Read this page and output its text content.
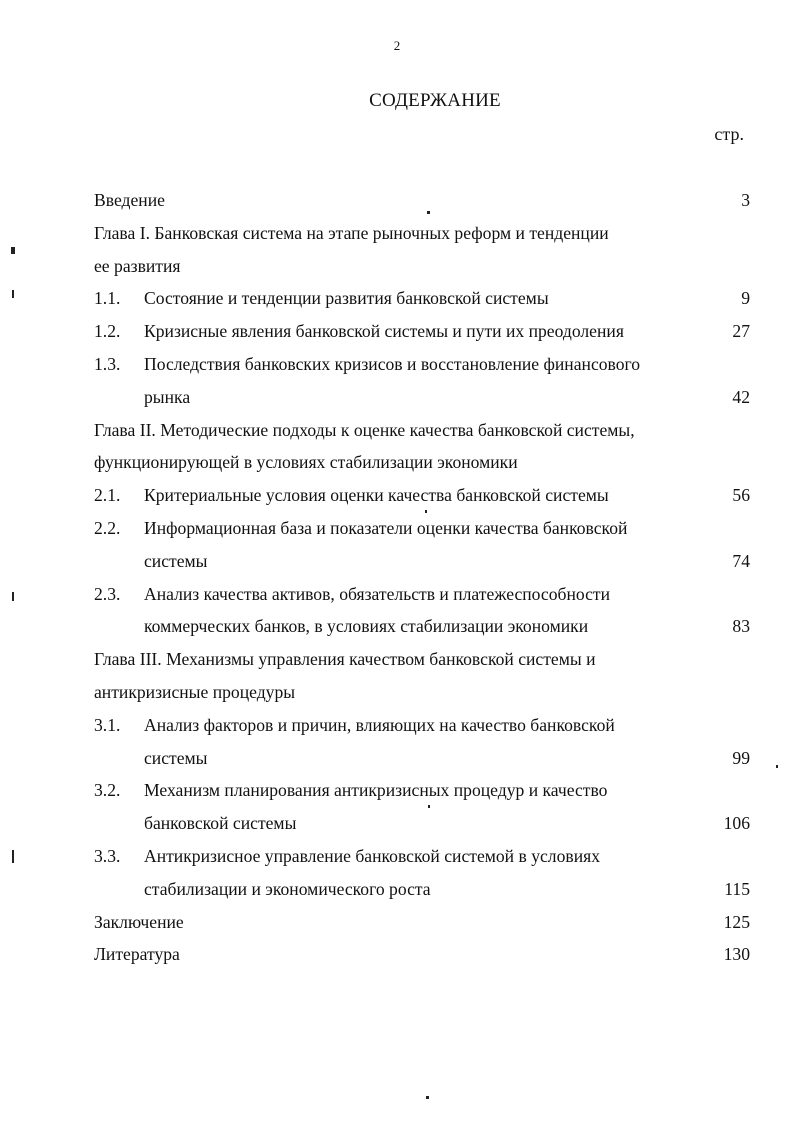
2
СОДЕРЖАНИЕ
стр.
Введение	3
Глава I. Банковская система на этапе рыночных реформ и тенденции
ее развития
1.1. Состояние и тенденции развития банковской системы	9
1.2. Кризисные явления банковской системы и пути их преодоления	27
1.3. Последствия банковских кризисов и восстановление финансового
рынка	42
Глава II. Методические подходы к оценке качества банковской системы,
функционирующей в условиях стабилизации экономики
2.1. Критериальные условия оценки качества банковской системы	56
2.2. Информационная база и показатели оценки качества банковской
системы	74
2.3. Анализ качества активов, обязательств и платежеспособности
коммерческих банков, в условиях стабилизации экономики	83
Глава III. Механизмы управления качеством банковской системы и
антикризисные процедуры
3.1. Анализ факторов и причин, влияющих на качество банковской
системы	99
3.2. Механизм планирования антикризисных процедур и качество
банковской системы	106
3.3. Антикризисное управление банковской системой в условиях
стабилизации и экономического роста	115
Заключение	125
Литература	130
